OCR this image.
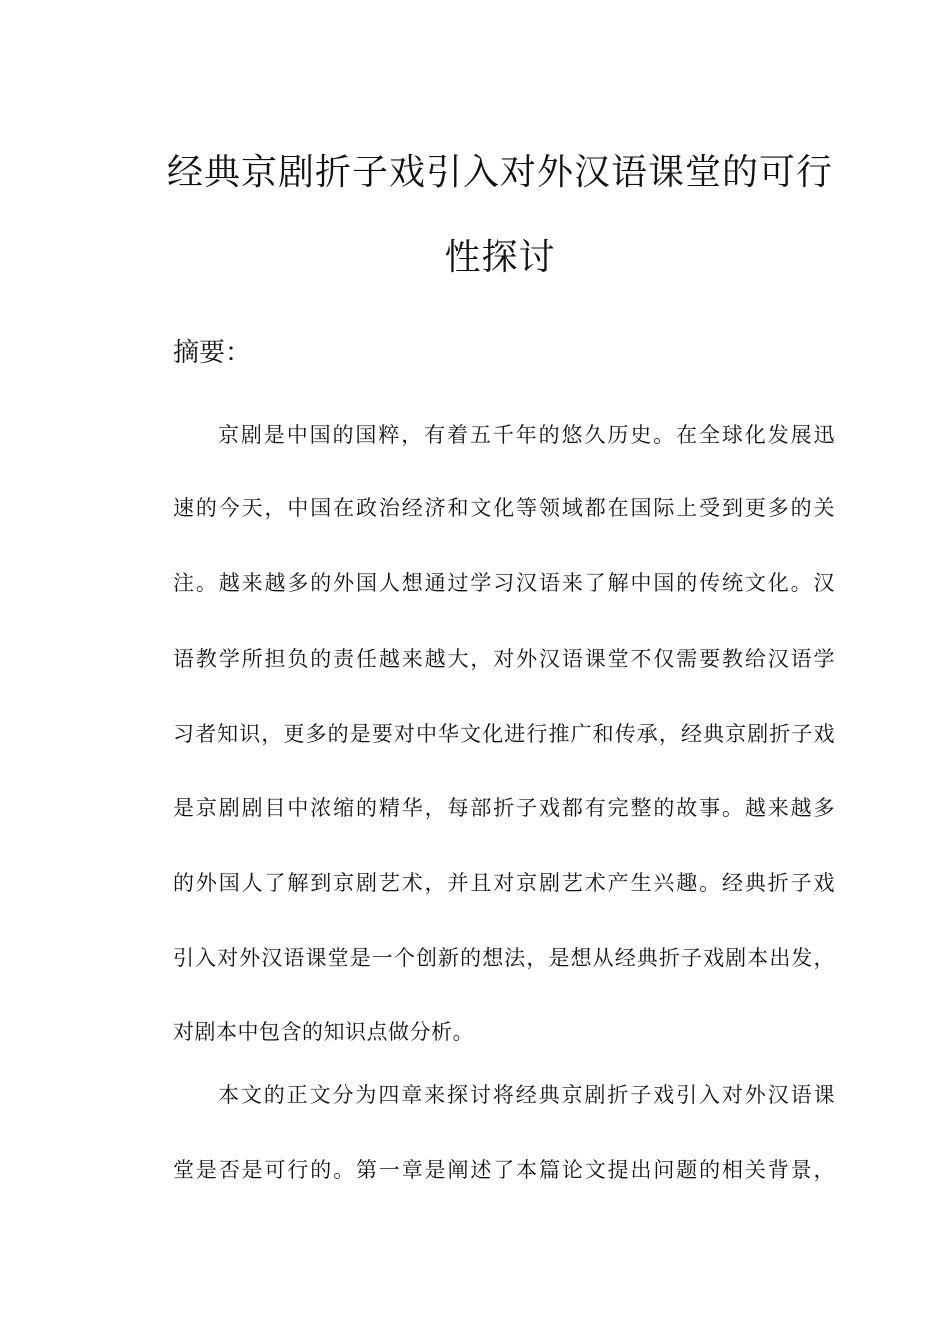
经典京剧折子戏引入对外汉语课堂的可行
性探讨
摘要：
京剧是中国的国粹，有着五千年的悠久历史。在全球化发展迅
速的今天，中国在政治经济和文化等领域都在国际上受到更多的关
注。越来越多的外国人想通过学习汉语来了解中国的传统文化。汉
语教学所担负的责任越来越大，对外汉语课堂不仅需要教给汉语学
习者知识，更多的是要对中华文化进行推广和传承，经典京剧折子戏
是京剧剧目中浓缩的精华，每部折子戏都有完整的故事。越来越多
的外国人了解到京剧艺术，并且对京剧艺术产生兴趣。经典折子戏
引入对外汉语课堂是一个创新的想法，是想从经典折子戏剧本出发，
对剧本中包含的知识点做分析。
本文的正文分为四章来探讨将经典京剧折子戏引入对外汉语课
堂是否是可行的。第一章是阐述了本篇论文提出问题的相关背景，
